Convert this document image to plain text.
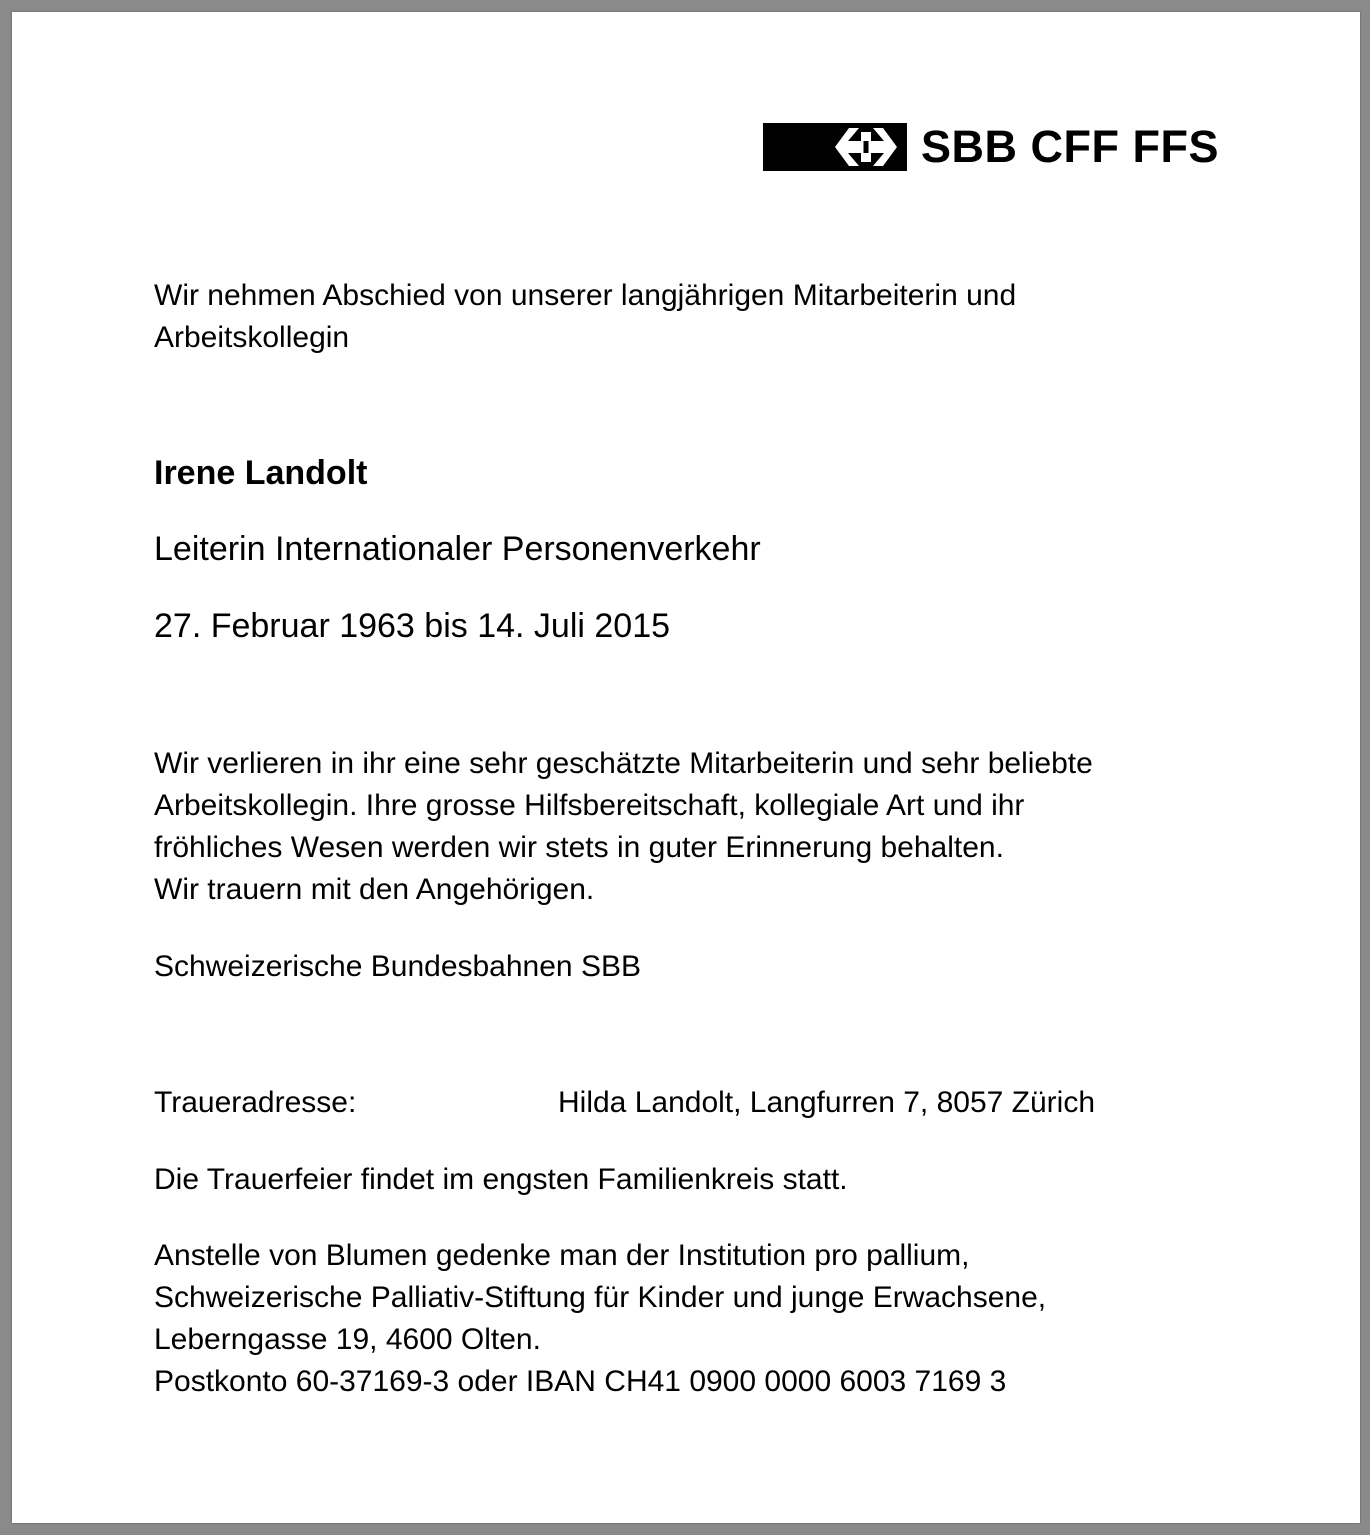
SBB CFF FFS
Wir nehmen Abschied von unserer langjährigen Mitarbeiterin und
Arbeitskollegin
Irene Landolt
Leiterin Internationaler Personenverkehr
27. Februar 1963 bis 14. Juli 2015
Wir verlieren in ihr eine sehr geschätzte Mitarbeiterin und sehr beliebte
Arbeitskollegin. Ihre grosse Hilfsbereitschaft, kollegiale Art und ihr
fröhliches Wesen werden wir stets in guter Erinnerung behalten.
Wir trauern mit den Angehörigen.
Schweizerische Bundesbahnen SBB
Traueradresse:	Hilda Landolt, Langfurren 7, 8057 Zürich
Die Trauerfeier findet im engsten Familienkreis statt.
Anstelle von Blumen gedenke man der Institution pro pallium,
Schweizerische Palliativ-Stiftung für Kinder und junge Erwachsene,
Leberngasse 19, 4600 Olten.
Postkonto 60-37169-3 oder IBAN CH41 0900 0000 6003 7169 3
